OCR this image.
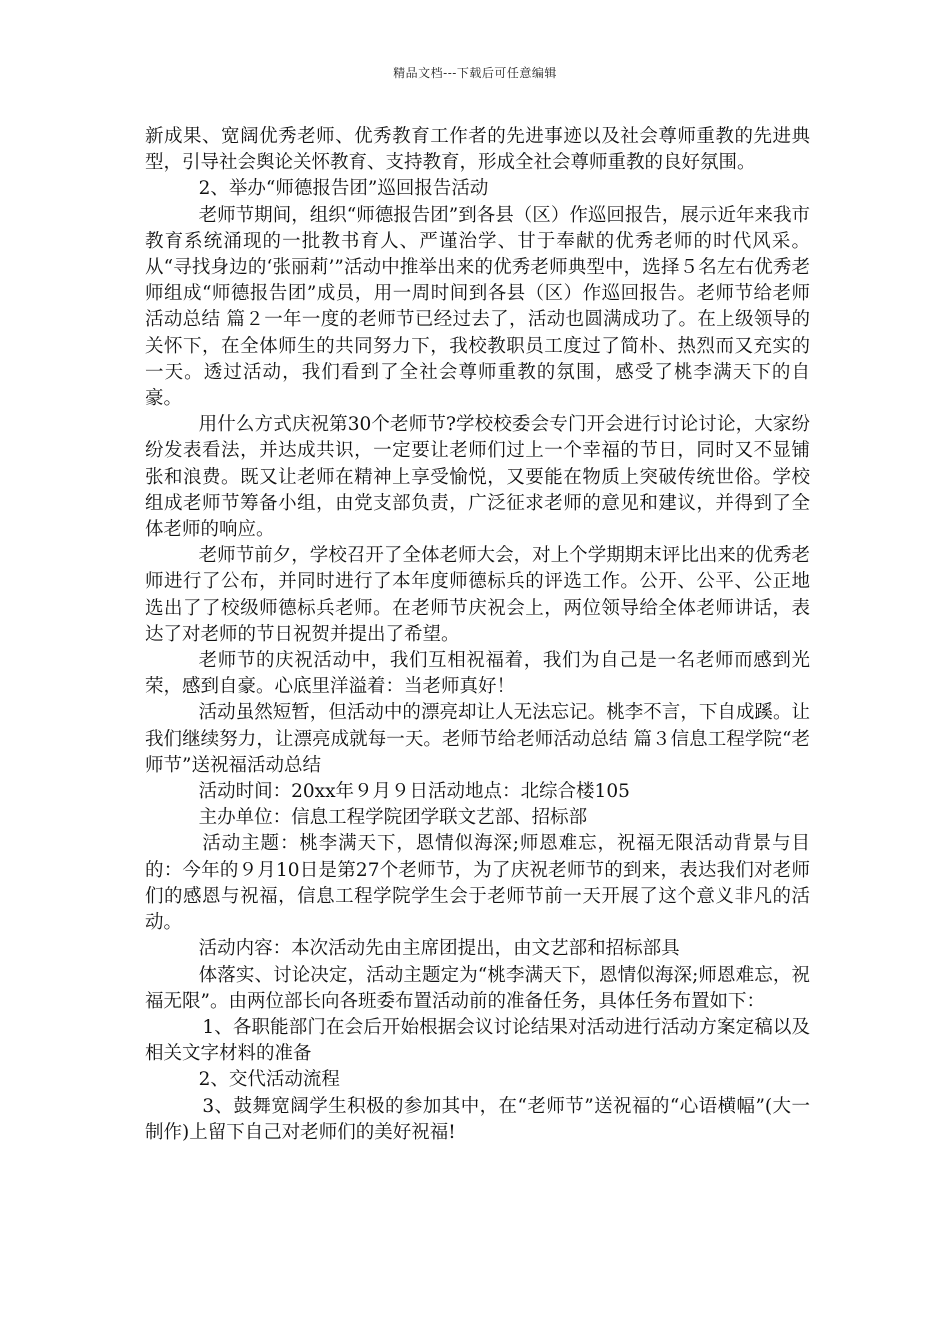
精品文档---下载后可任意编辑

新成果、宽阔优秀老师、优秀教育工作者的先进事迹以及社会尊师重教的先进典型，引导社会舆论关怀教育、支持教育，形成全社会尊师重教的良好氛围。

2、举办“师德报告团”巡回报告活动

老师节期间，组织“师德报告团”到各县（区）作巡回报告，展示近年来我市教育系统涌现的一批教书育人、严谨治学、甘于奉献的优秀老师的时代风采。从“寻找身边的‘张丽莉’”活动中推举出来的优秀老师典型中，选择５名左右优秀老师组成“师德报告团”成员，用一周时间到各县（区）作巡回报告。老师节给老师活动总结 篇２一年一度的老师节已经过去了，活动也圆满成功了。在上级领导的关怀下，在全体师生的共同努力下，我校教职员工度过了简朴、热烈而又充实的一天。透过活动，我们看到了全社会尊师重教的氛围，感受了桃李满天下的自豪。

用什么方式庆祝第30个老师节?学校校委会专门开会进行讨论讨论，大家纷纷发表看法，并达成共识，一定要让老师们过上一个幸福的节日，同时又不显铺张和浪费。既又让老师在精神上享受愉悦，又要能在物质上突破传统世俗。学校组成老师节筹备小组，由党支部负责，广泛征求老师的意见和建议，并得到了全体老师的响应。

老师节前夕，学校召开了全体老师大会，对上个学期期末评比出来的优秀老师进行了公布，并同时进行了本年度师德标兵的评选工作。公开、公平、公正地选出了了校级师德标兵老师。在老师节庆祝会上，两位领导给全体老师讲话，表达了对老师的节日祝贺并提出了希望。

老师节的庆祝活动中，我们互相祝福着，我们为自己是一名老师而感到光荣，感到自豪。心底里洋溢着：当老师真好！

活动虽然短暂，但活动中的漂亮却让人无法忘记。桃李不言，下自成蹊。让我们继续努力，让漂亮成就每一天。老师节给老师活动总结 篇３信息工程学院“老师节”送祝福活动总结

活动时间：20xx年９月９日活动地点：北综合楼105

主办单位：信息工程学院团学联文艺部、招标部

活动主题：桃李满天下，恩情似海深;师恩难忘，祝福无限活动背景与目的：今年的９月10日是第27个老师节，为了庆祝老师节的到来，表达我们对老师们的感恩与祝福，信息工程学院学生会于老师节前一天开展了这个意义非凡的活动。

活动内容：本次活动先由主席团提出，由文艺部和招标部具

体落实、讨论决定，活动主题定为“桃李满天下，恩情似海深;师恩难忘，祝福无限”。由两位部长向各班委布置活动前的准备任务，具体任务布置如下：

1、各职能部门在会后开始根据会议讨论结果对活动进行活动方案定稿以及相关文字材料的准备

2、交代活动流程

3、鼓舞宽阔学生积极的参加其中，在“老师节”送祝福的“心语横幅”(大一制作)上留下自己对老师们的美好祝福!
